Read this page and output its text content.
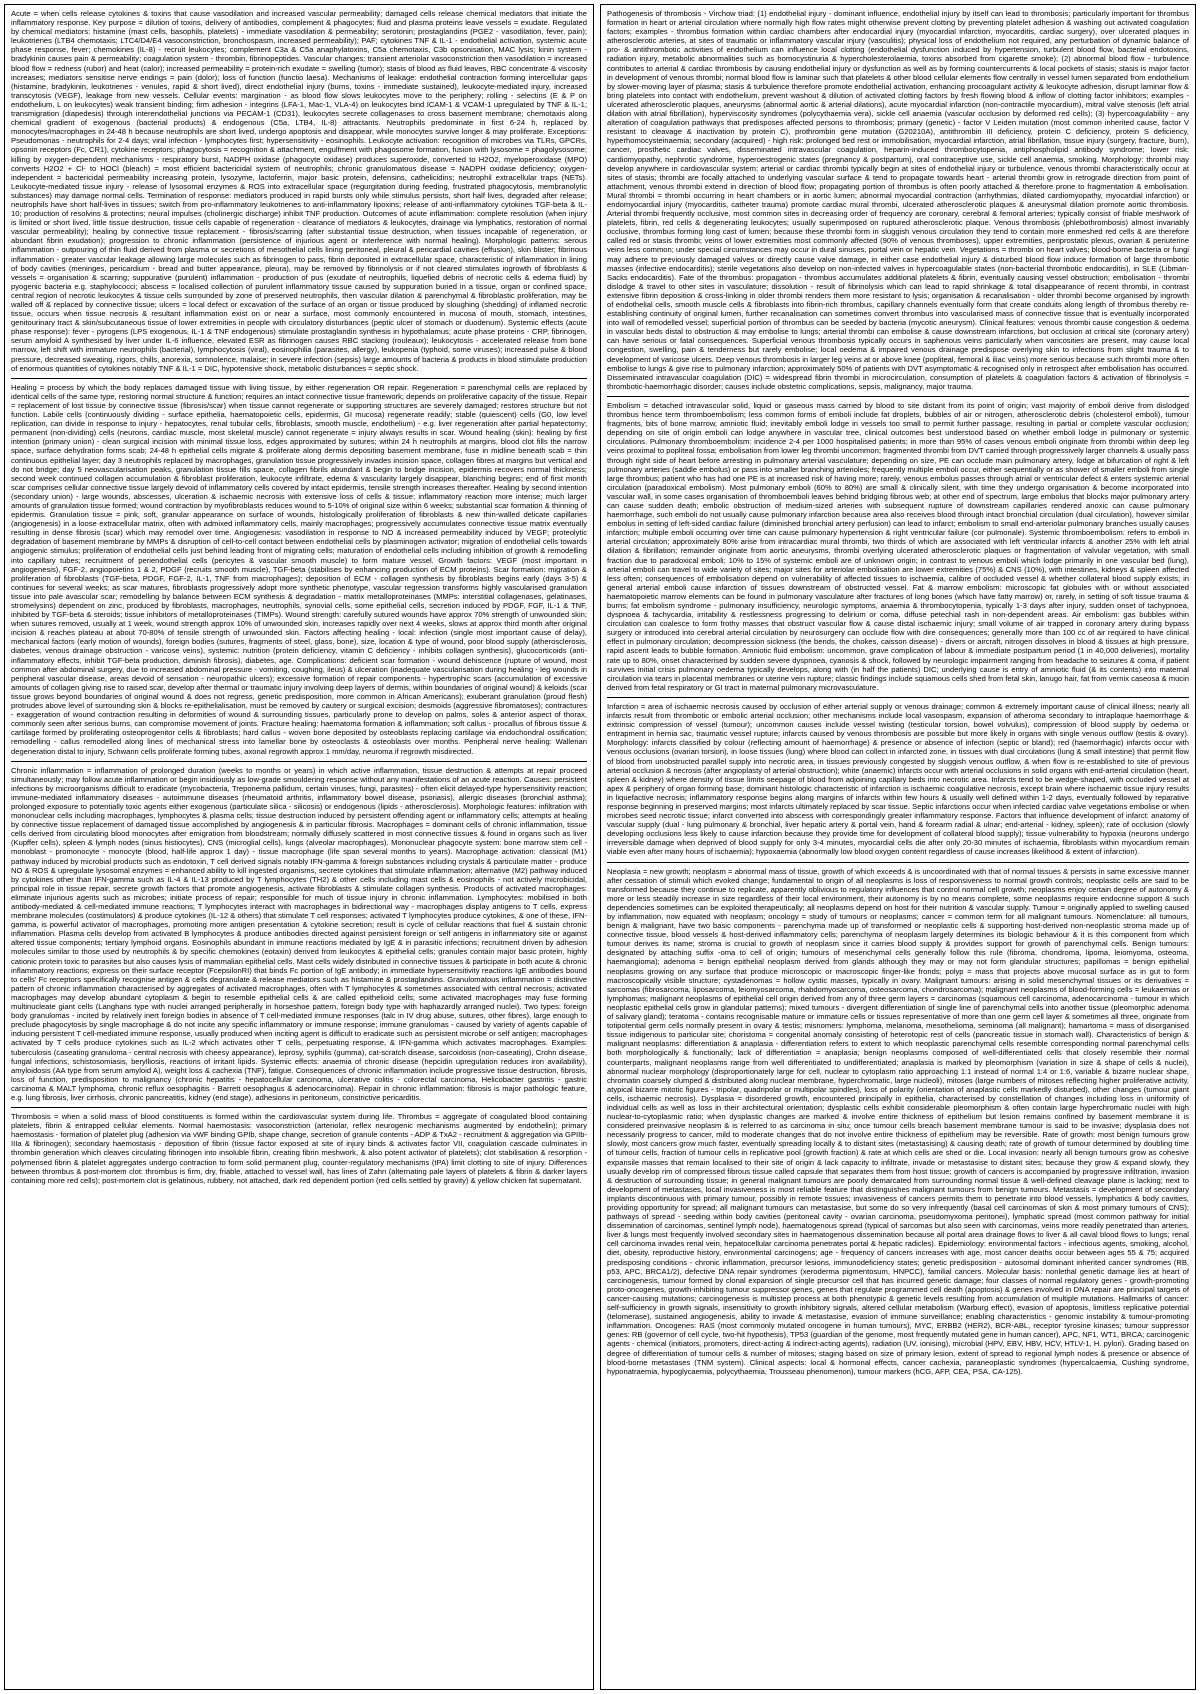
Acute = when cells release cytokines & toxins that cause vasodilation and increased vascular permeability; damaged cells release chemical mediators that initiate the inflammatory response. Key purpose = dilution of toxins, delivery of antibodies, complement & phagocytes; fluid and plasma proteins leave vessels = exudate. Regulated by chemical mediators: histamine (mast cells, basophils, platelets) - immediate vasodilation & permeability; serotonin; prostaglandins (PGE2 - vasodilation, fever, pain); leukotrienes (LTB4 chemotaxis; LTC4/D4/E4 vasoconstriction, bronchospasm, increased permeability); PAF; cytokines TNF & IL-1 - endothelial activation, systemic acute phase response, fever; chemokines (IL-8) - recruit leukocytes; complement C3a & C5a anaphylatoxins, C5a chemotaxis, C3b opsonisation, MAC lysis; kinin system - bradykinin causes pain & permeability; coagulation system - thrombin, fibrinopeptides. Vascular changes: transient arteriolar vasoconstriction then vasodilation = increased blood flow = redness (rubor) and heat (calor); increased permeability = protein-rich exudate = swelling (tumor); stasis of blood as fluid leaves, RBC concentrate & viscosity increases; mediators sensitise nerve endings = pain (dolor); loss of function (functio laesa). Mechanisms of leakage: endothelial contraction forming intercellular gaps (histamine, bradykinin, leukotrienes - venules, rapid & short lived), direct endothelial injury (burns, toxins - immediate sustained), leukocyte-mediated injury, increased transcytosis (VEGF), leakage from new vessels. Cellular events: margination - as blood flow slows leukocytes move to the periphery; rolling - selectins (E & P on endothelium, L on leukocytes) weak transient binding; firm adhesion - integrins (LFA-1, Mac-1, VLA-4) on leukocytes bind ICAM-1 & VCAM-1 upregulated by TNF & IL-1; transmigration (diapedesis) through interendothelial junctions via PECAM-1 (CD31), leukocytes secrete collagenases to cross basement membrane; chemotaxis along chemical gradient of exogenous (bacterial products) & endogenous (C5a, LTB4, IL-8) attractants. Neutrophils predominate in first 6-24 h, replaced by monocytes/macrophages in 24-48 h because neutrophils are short lived, undergo apoptosis and disappear, while monocytes survive longer & may proliferate. Exceptions: Pseudomonas - neutrophils for 2-4 days; viral infection - lymphocytes first; hypersensitivity - eosinophils. Leukocyte activation: recognition of microbes via TLRs, GPCRs, opsonin receptors (Fc, CR1), cytokine receptors; phagocytosis = recognition & attachment, engulfment with phagosome formation, fusion with lysosome = phagolysosome; killing by oxygen-dependent mechanisms - respiratory burst, NADPH oxidase (phagocyte oxidase) produces superoxide, converted to H2O2, myeloperoxidase (MPO) converts H2O2 + Cl- to HOCl (bleach) = most efficient bactericidal system of neutrophils; chronic granulomatous disease = NADPH oxidase deficiency; oxygen-independent = bactericidal permeability increasing protein, lysozyme, lactoferrin, major basic protein, defensins, cathelicidins; neutrophil extracellular traps (NETs). Leukocyte-mediated tissue injury - release of lysosomal enzymes & ROS into extracellular space (regurgitation during feeding, frustrated phagocytosis, membranolytic substances) may damage normal cells. Termination of response: mediators produced in rapid bursts only while stimulus persists, short half lives, degraded after release; neutrophils have short half-lives in tissues; switch from pro-inflammatory leukotrienes to anti-inflammatory lipoxins; release of anti-inflammatory cytokines TGF-beta & IL-10; production of resolvins & protectins; neural impulses (cholinergic discharge) inhibit TNF production. Outcomes of acute inflammation: complete resolution (when injury is limited or short lived, little tissue destruction, tissue cells capable of regeneration - clearance of mediators & leukocytes, drainage via lymphatics, restoration of normal vascular permeability); healing by connective tissue replacement - fibrosis/scarring (after substantial tissue destruction, when tissues incapable of regeneration, or abundant fibrin exudation); progression to chronic inflammation (persistence of injurious agent or interference with normal healing). Morphologic patterns: serous inflammation - outpouring of thin fluid derived from plasma or secretions of mesothelial cells lining peritoneal, pleural & pericardial cavities (effusion), skin blister; fibrinous inflammation - greater vascular leakage allowing large molecules such as fibrinogen to pass, fibrin deposited in extracellular space, characteristic of inflammation in lining of body cavities (meninges, pericardium - bread and butter appearance, pleura), may be removed by fibrinolysis or if not cleared stimulates ingrowth of fibroblasts & vessels = organisation & scarring; suppurative (purulent) inflammation - production of pus (exudate of neutrophils, liquefied debris of necrotic cells & edema fluid) by pyogenic bacteria e.g. staphylococci; abscess = localised collection of purulent inflammatory tissue caused by suppuration buried in a tissue, organ or confined space, central region of necrotic leukocytes & tissue cells surrounded by zone of preserved neutrophils, then vascular dilation & parenchymal & fibroblastic proliferation, may be walled off & replaced by connective tissue; ulcers = local defect or excavation of the surface of an organ or tissue produced by sloughing (shedding) of inflamed necrotic tissue, occurs when tissue necrosis & resultant inflammation exist on or near a surface, most commonly encountered in mucosa of mouth, stomach, intestines, genitourinary tract & skin/subcutaneous tissue of lower extremities in people with circulatory disturbances (peptic ulcer of stomach or duodenum). Systemic effects (acute phase response): fever - pyrogens (LPS exogenous, IL-1 & TNF endogenous) stimulate prostaglandin synthesis in hypothalamus; acute phase proteins - CRP, fibrinogen, serum amyloid A synthesised by liver under IL-6 influence, elevated ESR as fibrinogen causes RBC stacking (rouleaux); leukocytosis - accelerated release from bone marrow, left shift with immature neutrophils (bacterial), lymphocytosis (viral), eosinophilia (parasites, allergy), leukopenia (typhoid, some viruses); increased pulse & blood pressure, decreased sweating, rigors, chills, anorexia, somnolence, malaise; in severe infection (sepsis) large amounts of bacteria & products in blood stimulate production of enormous quantities of cytokines notably TNF & IL-1 = DIC, hypotensive shock, metabolic disturbances = septic shock.
Healing = process by which the body replaces damaged tissue with living tissue, by either regeneration OR repair. Regeneration = parenchymal cells are replaced by identical cells of the same type, restoring normal structure & function; requires an intact connective tissue framework; depends on proliferative capacity of the tissue. Repair = replacement of lost tissue by connective tissue (fibrosis/scar) when tissue cannot regenerate or supporting structures are severely damaged; restores structure but not function. Labile cells (continuously dividing - surface epithelia, haematopoietic cells, epidermis, GI mucosa) regenerate readily; stable (quiescent) cells (G0, low level replication, can divide in response to injury - hepatocytes, renal tubular cells, fibroblasts, smooth muscle, endothelium) - e.g. liver regeneration after partial hepatectomy; permanent (non-dividing) cells (neurons, cardiac muscle, most skeletal muscle) cannot regenerate = injury always results in scar. Wound healing (skin): healing by first intention (primary union) - clean surgical incision with minimal tissue loss, edges approximated by sutures; within 24 h neutrophils at margins, blood clot fills the narrow space, surface dehydration forms scab; 24-48 h epithelial cells migrate & proliferate along dermis depositing basement membrane, fuse in midline beneath scab = thin continuous epithelial layer; day 3 neutrophils replaced by macrophages, granulation tissue progressively invades incision space, collagen fibres at margins but vertical and do not bridge; day 5 neovascularisation peaks, granulation tissue fills space, collagen fibrils abundant & begin to bridge incision, epidermis recovers normal thickness; second week continued collagen accumulation & fibroblast proliferation, leukocyte infiltrate, edema & vascularity largely disappear, blanching begins; end of first month scar comprises cellular connective tissue largely devoid of inflammatory cells covered by intact epidermis, tensile strength increases thereafter. Healing by second intention (secondary union) - large wounds, abscesses, ulceration & ischaemic necrosis with extensive loss of cells & tissue; inflammatory reaction more intense; much larger amounts of granulation tissue formed; wound contraction by myofibroblasts reduces wound to 5-10% of original size within 6 weeks; substantial scar formation & thinning of epidermis. Granulation tissue = pink, soft, granular appearance on surface of wounds, histologically proliferation of fibroblasts & new thin-walled delicate capillaries (angiogenesis) in a loose extracellular matrix, often with admixed inflammatory cells, mainly macrophages; progressively accumulates connective tissue matrix eventually resulting in dense fibrosis (scar) which may remodel over time. Angiogenesis: vasodilation in response to NO & increased permeability induced by VEGF; proteolytic degradation of basement membrane by MMPs & disruption of cell-to-cell contact between endothelial cells by plasminogen activator; migration of endothelial cells towards angiogenic stimulus; proliferation of endothelial cells just behind leading front of migrating cells; maturation of endothelial cells including inhibition of growth & remodelling into capillary tubes; recruitment of periendothelial cells (pericytes & vascular smooth muscle) to form mature vessel. Growth factors: VEGF (most important in angiogenesis), FGF-2, angiopoietins 1 & 2, PDGF (recruits smooth muscle), TGF-beta (stabilises by enhancing production of ECM proteins). Scar formation: migration & proliferation of fibroblasts (TGF-beta, PDGF, FGF-2, IL-1, TNF from macrophages); deposition of ECM - collagen synthesis by fibroblasts begins early (days 3-5) & continues for several weeks; as scar matures, fibroblasts progressively adopt more synthetic phenotype, vascular regression transforms highly vascularised granulation tissue into pale avascular scar; remodelling by balance between ECM synthesis & degradation - matrix metalloproteinases (MMPs: interstitial collagenases, gelatinases, stromelysins) dependent on zinc, produced by fibroblasts, macrophages, neutrophils, synovial cells, some epithelial cells, secretion induced by PDGF, FGF, IL-1 & TNF, inhibited by TGF-beta & steroids; tissue inhibitors of metalloproteinases (TIMPs). Wound strength: carefully sutured wounds have approx 70% strength of unwounded skin; when sutures removed, usually at 1 week, wound strength approx 10% of unwounded skin, increases rapidly over next 4 weeks, slows at approx third month after original incision & reaches plateau at about 70-80% of tensile strength of unwounded skin. Factors affecting healing - local: infection (single most important cause of delay), mechanical factors (early motion of wounds), foreign bodies (sutures, fragments of steel, glass, bone), size, location & type of wound, poor blood supply (atherosclerosis, diabetes, venous drainage obstruction - varicose veins), systemic: nutrition (protein deficiency, vitamin C deficiency - inhibits collagen synthesis), glucocorticoids (anti-inflammatory effects, inhibit TGF-beta production, diminish fibrosis), diabetes, age. Complications: deficient scar formation - wound dehiscence (rupture of wound, most common after abdominal surgery, due to increased abdominal pressure - vomiting, coughing, ileus) & ulceration (inadequate vascularisation during healing - leg wounds in peripheral vascular disease, areas devoid of sensation - neuropathic ulcers); excessive formation of repair components - hypertrophic scars (accumulation of excessive amounts of collagen giving rise to raised scar, develop after thermal or traumatic injury involving deep layers of dermis, within boundaries of original wound) & keloids (scar tissue grows beyond boundaries of original wound & does not regress, genetic predisposition, more common in African Americans); exuberant granulation (proud flesh) protrudes above level of surrounding skin & blocks re-epithelialisation, must be removed by cautery or surgical excision; desmoids (aggressive fibromatoses); contractures - exaggeration of wound contraction resulting in deformities of wound & surrounding tissues, particularly prone to develop on palms, soles & anterior aspect of thorax, commonly seen after serious burns, can compromise movement of joints. Fracture healing: haematoma formation & inflammation; soft callus - procallus of fibrous tissue & cartilage formed by proliferating osteoprogenitor cells & fibroblasts; hard callus - woven bone deposited by osteoblasts replacing cartilage via endochondral ossification; remodelling - callus remodelled along lines of mechanical stress into lamellar bone by osteoclasts & osteoblasts over months. Peripheral nerve healing: Wallerian degeneration distal to injury, Schwann cells proliferate forming tubes, axonal regrowth approx 1 mm/day, neuroma if regrowth misdirected.
Chronic inflammation = inflammation of prolonged duration (weeks to months or years) in which active inflammation, tissue destruction & attempts at repair proceed simultaneously; may follow acute inflammation or begin insidiously as low-grade smouldering response without any manifestations of an acute reaction. Causes: persistent infections by microorganisms difficult to eradicate (mycobacteria, Treponema pallidum, certain viruses, fungi, parasites) - often elicit delayed-type hypersensitivity reaction; immune-mediated inflammatory diseases - autoimmune diseases (rheumatoid arthritis, inflammatory bowel disease, psoriasis), allergic diseases (bronchial asthma); prolonged exposure to potentially toxic agents either exogenous (particulate silica - silicosis) or endogenous (lipids - atherosclerosis). Morphologic features: infiltration with mononuclear cells including macrophages, lymphocytes & plasma cells; tissue destruction induced by persistent offending agent or inflammatory cells; attempts at healing by connective tissue replacement of damaged tissue accomplished by angiogenesis & in particular fibrosis. Macrophages = dominant cells of chronic inflammation, tissue cells derived from circulating blood monocytes after emigration from bloodstream; normally diffusely scattered in most connective tissues & found in organs such as liver (Kupffer cells), spleen & lymph nodes (sinus histiocytes), CNS (microglial cells), lungs (alveolar macrophages). Mononuclear phagocyte system: bone marrow stem cell - monoblast - promonocyte - monocyte (blood, half-life approx 1 day) - tissue macrophage (life span several months to years). Macrophage activation: classical (M1) pathway induced by microbial products such as endotoxin, T cell derived signals notably IFN-gamma & foreign substances including crystals & particulate matter - produce NO & ROS & upregulate lysosomal enzymes = enhanced ability to kill ingested organisms, secrete cytokines that stimulate inflammation; alternative (M2) pathway induced by cytokines other than IFN-gamma such as IL-4 & IL-13 produced by T lymphocytes (TH2) & other cells including mast cells & eosinophils - not actively microbicidal, principal role in tissue repair, secrete growth factors that promote angiogenesis, activate fibroblasts & stimulate collagen synthesis. Products of activated macrophages: eliminate injurious agents such as microbes; initiate process of repair; responsible for much of tissue injury in chronic inflammation. Lymphocytes: mobilised in both antibody-mediated & cell-mediated immune reactions; T lymphocytes interact with macrophages in bidirectional way - macrophages display antigens to T cells, express membrane molecules (costimulators) & produce cytokines (IL-12 & others) that stimulate T cell responses; activated T lymphocytes produce cytokines, & one of these, IFN-gamma, is powerful activator of macrophages, promoting more antigen presentation & cytokine secretion; result is cycle of cellular reactions that fuel & sustain chronic inflammation. Plasma cells develop from activated B lymphocytes & produce antibodies directed against persistent foreign or self antigens in inflammatory site or against altered tissue components; tertiary lymphoid organs. Eosinophils abundant in immune reactions mediated by IgE & in parasitic infections; recruitment driven by adhesion molecules similar to those used by neutrophils & by specific chemokines (eotaxin) derived from leukocytes & epithelial cells; granules contain major basic protein, highly cationic protein toxic to parasites but also causes lysis of mammalian epithelial cells. Mast cells widely distributed in connective tissues & participate in both acute & chronic inflammatory reactions; express on their surface receptor (FcepsilonRI) that binds Fc portion of IgE antibody; in immediate hypersensitivity reactions IgE antibodies bound to cells' Fc receptors specifically recognise antigen & cells degranulate & release mediators such as histamine & prostaglandins. Granulomatous inflammation = distinctive pattern of chronic inflammation characterised by aggregates of activated macrophages, often with T lymphocytes & sometimes associated with central necrosis; activated macrophages may develop abundant cytoplasm & begin to resemble epithelial cells & are called epithelioid cells; some activated macrophages may fuse forming multinucleate giant cells (Langhans type with nuclei arranged peripherally in horseshoe pattern, foreign body type with haphazardly arranged nuclei). Two types: foreign body granulomas - incited by relatively inert foreign bodies in absence of T cell-mediated immune responses (talc in IV drug abuse, sutures, other fibres), large enough to preclude phagocytosis by single macrophage & do not incite any specific inflammatory or immune response; immune granulomas - caused by variety of agents capable of inducing persistent T cell-mediated immune response, usually produced when inciting agent is difficult to eradicate such as persistent microbe or self antigen; macrophages activated by T cells produce cytokines such as IL-2 which activates other T cells, perpetuating response, & IFN-gamma which activates macrophages. Examples: tuberculosis (caseating granuloma - central necrosis with cheesy appearance), leprosy, syphilis (gumma), cat-scratch disease, sarcoidosis (non-caseating), Crohn disease, fungal infections, schistosomiasis, berylliosis, reactions of irritant lipids. Systemic effects: anaemia of chronic disease (hepcidin upregulation reduces iron availability), amyloidosis (AA type from serum amyloid A), weight loss & cachexia (TNF), fatigue. Consequences of chronic inflammation include progressive tissue destruction, fibrosis, loss of function, predisposition to malignancy (chronic hepatitis - hepatocellular carcinoma, ulcerative colitis - colorectal carcinoma, Helicobacter gastritis - gastric carcinoma & MALT lymphoma, chronic reflux oesophagitis - Barrett oesophagus & adenocarcinoma). Repair in chronic inflammation: fibrosis is major pathologic feature, e.g. lung fibrosis, liver cirrhosis, chronic pancreatitis, kidney (end stage), adhesions in peritoneum, constrictive pericarditis.
Thrombosis = when a solid mass of blood constituents is formed within the cardiovascular system during life. Thrombus = aggregate of coagulated blood containing platelets, fibrin & entrapped cellular elements. Normal haemostasis: vasoconstriction (arteriolar, reflex neurogenic mechanisms augmented by endothelin); primary haemostasis - formation of platelet plug (adhesion via vWF binding GPIb, shape change, secretion of granule contents - ADP & TxA2 - recruitment & aggregation via GPIIb-IIIa & fibrinogen); secondary haemostasis - deposition of fibrin (tissue factor exposed at site of injury binds & activates factor VII, coagulation cascade culminates in thrombin generation which cleaves circulating fibrinogen into insoluble fibrin, creating fibrin meshwork, & also potent activator of platelets); clot stabilisation & resorption - polymerised fibrin & platelet aggregates undergo contraction to form solid permanent plug, counter-regulatory mechanisms (tPA) limit clotting to site of injury. Differences between thrombus & post-mortem clot: thrombus is firm, dry, friable, attached to vessel wall, has lines of Zahn (alternating pale layers of platelets & fibrin & darker layers containing more red cells); post-mortem clot is gelatinous, rubbery, not attached, dark red dependent portion (red cells settled by gravity) & yellow chicken fat supernatant.
Pathogenesis of thrombosis - Virchow triad: (1) endothelial injury - dominant influence, endothelial injury by itself can lead to thrombosis; particularly important for thrombus formation in heart or arterial circulation where normally high flow rates might otherwise prevent clotting by preventing platelet adhesion & washing out activated coagulation factors; examples - thrombus formation within cardiac chambers after endocardial injury (myocardial infarction, myocarditis, cardiac surgery), over ulcerated plaques in atherosclerotic arteries, at sites of traumatic or inflammatory vascular injury (vasculitis); physical loss of endothelium not required, any perturbation of dynamic balance of pro- & antithrombotic activities of endothelium can influence local clotting (endothelial dysfunction induced by hypertension, turbulent blood flow, bacterial endotoxins, radiation injury, metabolic abnormalities such as homocystinuria & hypercholesterolaemia, toxins absorbed from cigarette smoke); (2) abnormal blood flow - turbulence contributes to arterial & cardiac thrombosis by causing endothelial injury or dysfunction as well as by forming countercurrents & local pockets of stasis; stasis is major factor in development of venous thrombi; normal blood flow is laminar such that platelets & other blood cellular elements flow centrally in vessel lumen separated from endothelium by slower-moving layer of plasma; stasis & turbulence therefore promote endothelial activation, enhancing procoagulant activity & leukocyte adhesion, disrupt laminar flow & bring platelets into contact with endothelium, prevent washout & dilution of activated clotting factors by fresh flowing blood & inflow of clotting factor inhibitors; examples - ulcerated atherosclerotic plaques, aneurysms (abnormal aortic & arterial dilations), acute myocardial infarction (non-contractile myocardium), mitral valve stenosis (left atrial dilation with atrial fibrillation), hyperviscosity syndromes (polycythaemia vera), sickle cell anaemia (vascular occlusion by deformed red cells); (3) hypercoagulability - any alteration of coagulation pathways that predisposes affected persons to thrombosis; primary (genetic) - factor V Leiden mutation (most common inherited cause, factor V resistant to cleavage & inactivation by protein C), prothrombin gene mutation (G20210A), antithrombin III deficiency, protein C deficiency, protein S deficiency, hyperhomocysteinaemia; secondary (acquired) - high risk: prolonged bed rest or immobilisation, myocardial infarction, atrial fibrillation, tissue injury (surgery, fracture, burn), cancer, prosthetic cardiac valves, disseminated intravascular coagulation, heparin-induced thrombocytopenia, antiphospholipid antibody syndrome; lower risk: cardiomyopathy, nephrotic syndrome, hyperoestrogenic states (pregnancy & postpartum), oral contraceptive use, sickle cell anaemia, smoking. Morphology: thrombi may develop anywhere in cardiovascular system; arterial or cardiac thrombi typically begin at sites of endothelial injury or turbulence, venous thrombi characteristically occur at sites of stasis; thrombi are focally attached to underlying vascular surface & tend to propagate towards heart - arterial thrombi grow in retrograde direction from point of attachment, venous thrombi extend in direction of blood flow; propagating portion of thrombus is often poorly attached & therefore prone to fragmentation & embolisation. Mural thrombi = thrombi occurring in heart chambers or in aortic lumen; abnormal myocardial contraction (arrhythmias, dilated cardiomyopathy, myocardial infarction) or endomyocardial injury (myocarditis, catheter trauma) promote cardiac mural thrombi, ulcerated atherosclerotic plaques & aneurysmal dilation promote aortic thrombosis. Arterial thrombi frequently occlusive, most common sites in decreasing order of frequency are coronary, cerebral & femoral arteries; typically consist of friable meshwork of platelets, fibrin, red cells & degenerating leukocytes; usually superimposed on ruptured atherosclerotic plaque. Venous thrombosis (phlebothrombosis) almost invariably occlusive, thrombus forming long cast of lumen; because these thrombi form in sluggish venous circulation they tend to contain more enmeshed red cells & are therefore called red or stasis thrombi; veins of lower extremities most commonly affected (90% of venous thromboses), upper extremities, periprostatic plexus, ovarian & periuterine veins less common; under special circumstances may occur in dural sinuses, portal vein or hepatic vein. Vegetations = thrombi on heart valves; blood-borne bacteria or fungi may adhere to previously damaged valves or directly cause valve damage, in either case endothelial injury & disturbed blood flow induce formation of large thrombotic masses (infective endocarditis); sterile vegetations also develop on non-infected valves in hypercoagulable states (non-bacterial thrombotic endocarditis), in SLE (Libman-Sacks endocarditis). Fate of the thrombus: propagation - thrombus accumulates additional platelets & fibrin, eventually causing vessel obstruction; embolisation - thrombi dislodge & travel to other sites in vasculature; dissolution - result of fibrinolysis which can lead to rapid shrinkage & total disappearance of recent thrombi, in contrast extensive fibrin deposition & cross-linking in older thrombi renders them more resistant to lysis; organisation & recanalisation - older thrombi become organised by ingrowth of endothelial cells, smooth muscle cells & fibroblasts into fibrin-rich thrombus, capillary channels eventually form that create conduits along length of thrombus thereby re-establishing continuity of original lumen, further recanalisation can sometimes convert thrombus into vascularised mass of connective tissue that is eventually incorporated into wall of remodelled vessel; superficial portion of thrombus can be seeded by bacteria (mycotic aneurysm). Clinical features: venous thrombi cause congestion & oedema in vascular beds distal to obstruction & may embolise to lungs; arterial thrombi can embolise & cause downstream infarctions, but occlusion at critical site (coronary artery) can have serious or fatal consequences. Superficial venous thrombosis typically occurs in saphenous veins particularly when varicosities are present, may cause local congestion, swelling, pain & tenderness but rarely embolise; local oedema & impaired venous drainage predispose overlying skin to infections from slight trauma & to development of varicose ulcers. Deep venous thrombosis in larger leg veins at or above knee (popliteal, femoral & iliac veins) more serious because such thrombi more often embolise to lungs & give rise to pulmonary infarction; approximately 50% of patients with DVT asymptomatic & recognised only in retrospect after embolisation has occurred. Disseminated intravascular coagulation (DIC) = widespread fibrin thrombi in microcirculation, consumption of platelets & coagulation factors & activation of fibrinolysis = thrombotic-haemorrhagic disorder; causes include obstetric complications, sepsis, malignancy, major trauma.
Embolism = detached intravascular solid, liquid or gaseous mass carried by blood to site distant from its point of origin; vast majority of emboli derive from dislodged thrombus hence term thromboembolism; less common forms of emboli include fat droplets, bubbles of air or nitrogen, atherosclerotic debris (cholesterol emboli), tumour fragments, bits of bone marrow, amniotic fluid; inevitably emboli lodge in vessels too small to permit further passage, resulting in partial or complete vascular occlusion; depending on site of origin emboli can lodge anywhere in vascular tree, clinical outcomes best understood based on whether emboli lodge in pulmonary or systemic circulations. Pulmonary thromboembolism: incidence 2-4 per 1000 hospitalised patients; in more than 95% of cases venous emboli originate from thrombi within deep leg veins proximal to popliteal fossa; embolisation from lower leg thrombi uncommon; fragmented thrombi from DVT carried through progressively larger channels & usually pass through right side of heart before arresting in pulmonary arterial vasculature; depending on size, PE can occlude main pulmonary artery, lodge at bifurcation of right & left pulmonary arteries (saddle embolus) or pass into smaller branching arterioles; frequently multiple emboli occur, either sequentially or as shower of smaller emboli from single large thrombus; patient who has had one PE is at increased risk of having more; rarely, venous embolus passes through atrial or ventricular defect & enters systemic arterial circulation (paradoxical embolism). Most pulmonary emboli (60% to 80%) are small & clinically silent, with time they undergo organisation & become incorporated into vascular wall, in some cases organisation of thromboemboli leaves behind bridging fibrous web; at other end of spectrum, large embolus that blocks major pulmonary artery can cause sudden death; embolic obstruction of medium-sized arteries with subsequent rupture of downstream capillaries rendered anoxic can cause pulmonary haemorrhage, such emboli do not usually cause pulmonary infarction because area also receives blood through intact bronchial circulation (dual circulation), however similar embolus in setting of left-sided cardiac failure (diminished bronchial artery perfusion) can lead to infarct; embolism to small end-arteriolar pulmonary branches usually causes infarction; multiple emboli occurring over time can cause pulmonary hypertension & right ventricular failure (cor pulmonale). Systemic thromboembolism: refers to emboli in arterial circulation; approximately 80% arise from intracardiac mural thrombi, two thirds of which are associated with left ventricular infarcts & another 25% with left atrial dilation & fibrillation; remainder originate from aortic aneurysms, thrombi overlying ulcerated atherosclerotic plaques or fragmentation of valvular vegetation, with small fraction due to paradoxical emboli; 10% to 15% of systemic emboli are of unknown origin; in contrast to venous emboli which lodge primarily in one vascular bed (lung), arterial emboli can travel to wide variety of sites; major sites for arteriolar embolisation are lower extremities (75%) & CNS (10%), with intestines, kidneys & spleen affected less often; consequences of embolisation depend on vulnerability of affected tissues to ischaemia, calibre of occluded vessel & whether collateral blood supply exists; in general arterial emboli cause infarction of tissues downstream of obstructed vessel. Fat & marrow embolism: microscopic fat globules with or without associated haematopoietic marrow elements can be found in pulmonary vasculature after fractures of long bones (which have fatty marrow) or, rarely, in setting of soft tissue trauma & burns; fat embolism syndrome - pulmonary insufficiency, neurologic symptoms, anaemia & thrombocytopenia, typically 1-3 days after injury, sudden onset of tachypnoea, dyspnoea & tachycardia, irritability & restlessness progressing to delirium or coma, diffuse petechial rash in non-dependent areas. Air embolism: gas bubbles within circulation can coalesce to form frothy masses that obstruct vascular flow & cause distal ischaemic injury; small volume of air trapped in coronary artery during bypass surgery or introduced into cerebral arterial circulation by neurosurgery can occlude flow with dire consequences; generally more than 100 cc of air required to have clinical effect in pulmonary circulation; decompression sickness (the bends, the chokes, caisson disease) - divers or aircraft, nitrogen dissolves in blood & tissues at high pressure, rapid ascent leads to bubble formation. Amniotic fluid embolism: uncommon, grave complication of labour & immediate postpartum period (1 in 40,000 deliveries), mortality rate up to 80%, onset characterised by sudden severe dyspnoea, cyanosis & shock, followed by neurologic impairment ranging from headache to seizures & coma, if patient survives initial crisis pulmonary oedema typically develops, along with (in half the patients) DIC; underlying cause is entry of amniotic fluid (& its contents) into maternal circulation via tears in placental membranes or uterine vein rupture; classic findings include squamous cells shed from fetal skin, lanugo hair, fat from vernix caseosa & mucin derived from fetal respiratory or GI tract in maternal pulmonary microvasculature.
Infarction = area of ischaemic necrosis caused by occlusion of either arterial supply or venous drainage; common & extremely important cause of clinical illness; nearly all infarcts result from thrombotic or embolic arterial occlusion; other mechanisms include local vasospasm, expansion of atheroma secondary to intraplaque haemorrhage & extrinsic compression of vessel (tumour); uncommon causes include vessel twisting (testicular torsion, bowel volvulus), compression of blood supply by oedema or entrapment in hernia sac, traumatic vessel rupture; infarcts caused by venous thrombosis are possible but more likely in organs with single venous outflow (testis & ovary). Morphology: infarcts classified by colour (reflecting amount of haemorrhage) & presence or absence of infection (septic or bland); red (haemorrhagic) infarcts occur with venous occlusions (ovarian torsion), in loose tissues (lung) where blood can collect in infarcted zone, in tissues with dual circulations (lung & small intestine) that permit flow of blood from unobstructed parallel supply into necrotic area, in tissues previously congested by sluggish venous outflow, & when flow is re-established to site of previous arterial occlusion & necrosis (after angioplasty of arterial obstruction); white (anaemic) infarcts occur with arterial occlusions in solid organs with end-arterial circulation (heart, spleen & kidney) where density of tissue limits seepage of blood from adjoining capillary beds into necrotic area. Infarcts tend to be wedge-shaped, with occluded vessel at apex & periphery of organ forming base; dominant histologic characteristic of infarction is ischaemic coagulative necrosis, except brain where ischaemic tissue injury results in liquefactive necrosis; inflammatory response begins along margins of infarcts within few hours & usually well defined within 1-2 days, eventually followed by reparative response beginning in preserved margins; most infarcts ultimately replaced by scar tissue. Septic infarctions occur when infected cardiac valve vegetations embolise or when microbes seed necrotic tissue; infarct converted into abscess with correspondingly greater inflammatory response. Factors that influence development of infarct: anatomy of vascular supply (dual - lung pulmonary & bronchial, liver hepatic artery & portal vein, hand & forearm radial & ulnar; end-arterial - kidney, spleen); rate of occlusion (slowly developing occlusions less likely to cause infarction because they provide time for development of collateral blood supply); tissue vulnerability to hypoxia (neurons undergo irreversible damage when deprived of blood supply for only 3-4 minutes, myocardial cells die after only 20-30 minutes of ischaemia, fibroblasts within myocardium remain viable even after many hours of ischaemia); hypoxaemia (abnormally low blood oxygen content regardless of cause increases likelihood & extent of infarction).
Neoplasia = new growth; neoplasm = abnormal mass of tissue, growth of which exceeds & is uncoordinated with that of normal tissues & persists in same excessive manner after cessation of stimuli which evoked change; fundamental to origin of all neoplasms is loss of responsiveness to normal growth controls; neoplastic cells are said to be transformed because they continue to replicate, apparently oblivious to regulatory influences that control normal cell growth; neoplasms enjoy certain degree of autonomy & more or less steadily increase in size regardless of their local environment, their autonomy is by no means complete, some neoplasms require endocrine support & such dependencies sometimes can be exploited therapeutically; all neoplasms depend on host for their nutrition & vascular supply. Tumour = originally applied to swelling caused by inflammation, now equated with neoplasm; oncology = study of tumours or neoplasms; cancer = common term for all malignant tumours. Nomenclature: all tumours, benign & malignant, have two basic components - parenchyma made up of transformed or neoplastic cells & supporting host-derived non-neoplastic stroma made up of connective tissue, blood vessels & host-derived inflammatory cells; parenchyma of neoplasm largely determines its biologic behaviour & it is this component from which tumour derives its name; stroma is crucial to growth of neoplasm since it carries blood supply & provides support for growth of parenchymal cells. Benign tumours: designated by attaching suffix -oma to cell of origin; tumours of mesenchymal cells generally follow this rule (fibroma, chondroma, lipoma, leiomyoma, osteoma, haemangioma); adenoma = benign epithelial neoplasm derived from glands although they may or may not form glandular structures; papillomas = benign epithelial neoplasms growing on any surface that produce microscopic or macroscopic finger-like fronds; polyp = mass that projects above mucosal surface as in gut to form macroscopically visible structure; cystadenomas = hollow cystic masses, typically in ovary. Malignant tumours: arising in solid mesenchymal tissues or its derivatives = sarcomas (fibrosarcoma, liposarcoma, leiomyosarcoma, rhabdomyosarcoma, osteosarcoma, chondrosarcoma); malignant neoplasms of blood-forming cells = leukaemias or lymphomas; malignant neoplasms of epithelial cell origin derived from any of three germ layers = carcinomas (squamous cell carcinoma, adenocarcinoma - tumour in which neoplastic epithelial cells grow in glandular patterns); mixed tumours - divergent differentiation of single line of parenchymal cells into another tissue (pleomorphic adenoma of salivary gland); teratoma - contains recognisable mature or immature cells or tissues representative of more than one germ cell layer & sometimes all three, originate from totipotential germ cells normally present in ovary & testis; misnomers: lymphoma, melanoma, mesothelioma, seminoma (all malignant); hamartoma = mass of disorganised tissue indigenous to particular site; choristoma = congenital anomaly consisting of heterotopic rest of cells (pancreatic tissue in stomach wall). Characteristics of benign & malignant neoplasms: differentiation & anaplasia - differentiation refers to extent to which neoplastic parenchymal cells resemble corresponding normal parenchymal cells both morphologically & functionally; lack of differentiation = anaplasia; benign neoplasms composed of well-differentiated cells that closely resemble their normal counterparts, malignant neoplasms range from well differentiated to undifferentiated; anaplasia is marked by pleomorphism (variation in size & shape of cells & nuclei), abnormal nuclear morphology (disproportionately large for cell, nuclear to cytoplasm ratio approaching 1:1 instead of normal 1:4 or 1:6, variable & bizarre nuclear shape, chromatin coarsely clumped & distributed along nuclear membrane, hyperchromatic, large nucleoli), mitoses (large numbers of mitoses reflecting higher proliferative activity, atypical bizarre mitotic figures - tripolar, quadripolar or multipolar spindles), loss of polarity (orientation of anaplastic cells markedly disturbed), other changes (tumour giant cells, ischaemic necrosis). Dysplasia = disordered growth, encountered principally in epithelia, characterised by constellation of changes including loss in uniformity of individual cells as well as loss in their architectural orientation; dysplastic cells exhibit considerable pleomorphism & often contain large hyperchromatic nuclei with high nuclear-to-cytoplasmic ratio; when dysplastic changes are marked & involve entire thickness of epithelium but lesion remains confined by basement membrane it is considered preinvasive neoplasm & is referred to as carcinoma in situ; once tumour cells breach basement membrane tumour is said to be invasive; dysplasia does not necessarily progress to cancer, mild to moderate changes that do not involve entire thickness of epithelium may be reversible. Rate of growth: most benign tumours grow slowly, most cancers grow much faster, eventually spreading locally & to distant sites (metastasising) & causing death; rate of growth of tumour determined by doubling time of tumour cells, fraction of tumour cells in replicative pool (growth fraction) & rate at which cells are shed or die. Local invasion: nearly all benign tumours grow as cohesive expansile masses that remain localised to their site of origin & lack capacity to infiltrate, invade or metastasise to distant sites; because they grow & expand slowly, they usually develop rim of compressed fibrous tissue called capsule that separates them from host tissue; growth of cancers is accompanied by progressive infiltration, invasion & destruction of surrounding tissue; in general malignant tumours are poorly demarcated from surrounding normal tissue & well-defined cleavage plane is lacking; next to development of metastases, local invasiveness is most reliable feature that distinguishes malignant tumours from benign tumours. Metastasis = development of secondary implants discontinuous with primary tumour, possibly in remote tissues; invasiveness of cancers permits them to penetrate into blood vessels, lymphatics & body cavities, providing opportunity for spread; all malignant tumours can metastasise, but some do so very infrequently (basal cell carcinomas of skin & most primary tumours of CNS); pathways of spread - seeding within body cavities (peritoneal cavity - ovarian carcinoma, pseudomyxoma peritonei), lymphatic spread (most common pathway for initial dissemination of carcinomas, sentinel lymph node), haematogenous spread (typical of sarcomas but also seen with carcinomas, veins more readily penetrated than arteries, liver & lungs most frequently involved secondary sites in haematogenous dissemination because all portal area drainage flows to liver & all caval blood flows to lungs; renal cell carcinoma invades renal vein, hepatocellular carcinoma penetrates portal & hepatic radicles). Epidemiology: environmental factors - infectious agents, smoking, alcohol, diet, obesity, reproductive history, environmental carcinogens; age - frequency of cancers increases with age, most cancer deaths occur between ages 55 & 75; acquired predisposing conditions - chronic inflammation, precursor lesions, immunodeficiency states; genetic predisposition - autosomal dominant inherited cancer syndromes (RB, p53, APC, BRCA1/2), defective DNA repair syndromes (xeroderma pigmentosum, HNPCC), familial cancers. Molecular basis: nonlethal genetic damage lies at heart of carcinogenesis, tumour formed by clonal expansion of single precursor cell that has incurred genetic damage; four classes of normal regulatory genes - growth-promoting proto-oncogenes, growth-inhibiting tumour suppressor genes, genes that regulate programmed cell death (apoptosis) & genes involved in DNA repair are principal targets of cancer-causing mutations; carcinogenesis is multistep process at both phenotypic & genetic levels resulting from accumulation of multiple mutations. Hallmarks of cancer: self-sufficiency in growth signals, insensitivity to growth inhibitory signals, altered cellular metabolism (Warburg effect), evasion of apoptosis, limitless replicative potential (telomerase), sustained angiogenesis, ability to invade & metastasise, evasion of immune surveillance; enabling characteristics - genomic instability & tumour-promoting inflammation. Oncogenes: RAS (most commonly mutated oncogene in human tumours), MYC, ERBB2 (HER2), BCR-ABL, receptor tyrosine kinases; tumour suppressor genes: RB (governor of cell cycle, two-hit hypothesis), TP53 (guardian of the genome, most frequently mutated gene in human cancer), APC, NF1, WT1, BRCA; carcinogenic agents - chemical (initiators, promoters, direct-acting & indirect-acting agents), radiation (UV, ionising), microbial (HPV, EBV, HBV, HCV, HTLV-1, H. pylori). Grading based on degree of differentiation of tumour cells & number of mitoses; staging based on size of primary lesion, extent of spread to regional lymph nodes & presence or absence of blood-borne metastases (TNM system). Clinical aspects: local & hormonal effects, cancer cachexia, paraneoplastic syndromes (hypercalcaemia, Cushing syndrome, hyponatraemia, hypoglycaemia, polycythaemia, Trousseau phenomenon), tumour markers (hCG, AFP, CEA, PSA, CA-125).
